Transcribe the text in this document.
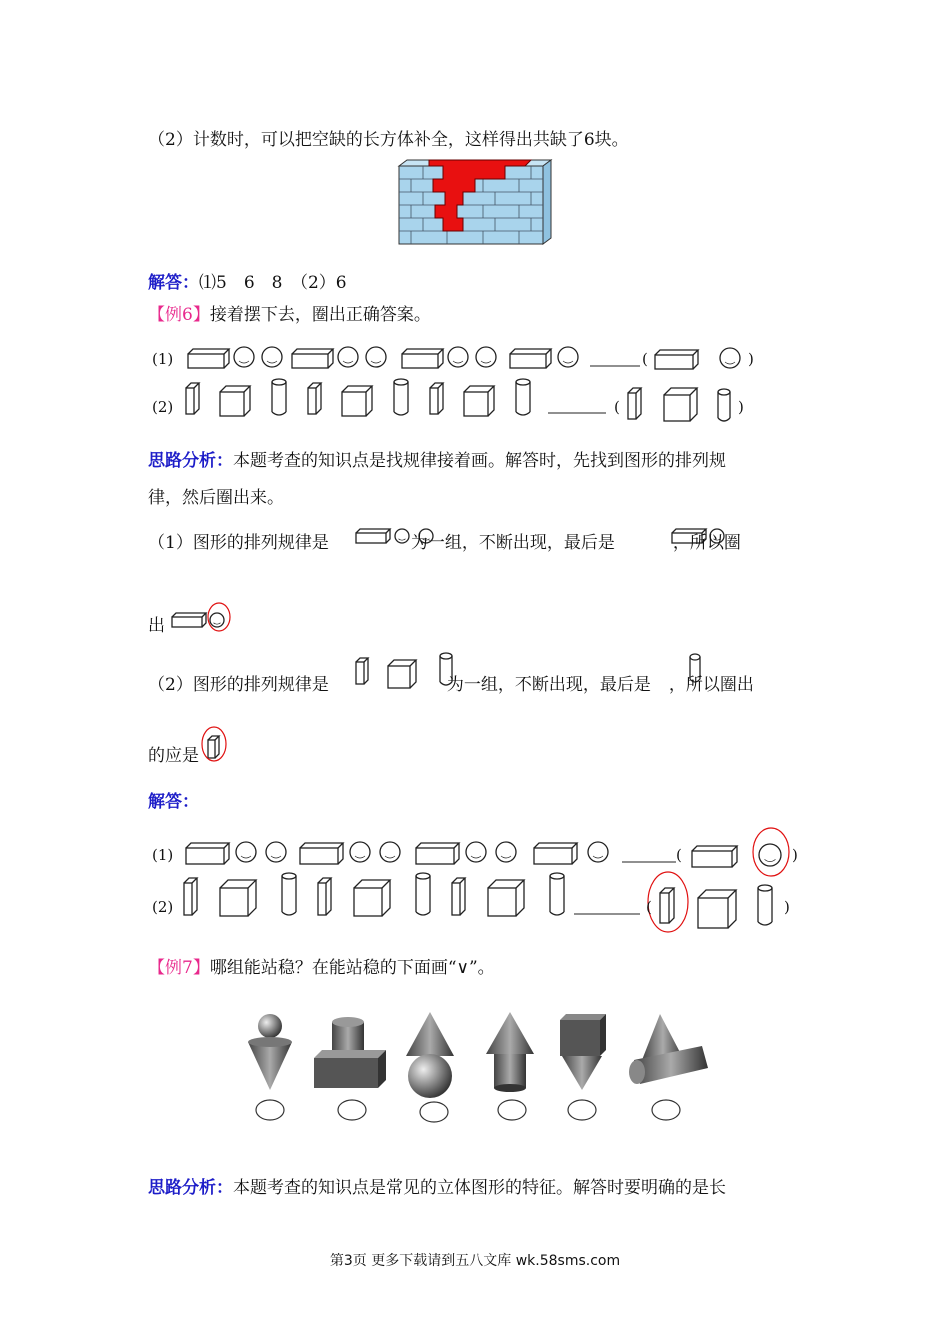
（2）计数时，可以把空缺的长方体补全，这样得出共缺了6块。
解答：⑴5　6　8　（2）6
【例6】接着摆下去，圈出正确答案。
(1)
(2)
(	)
(	)
思路分析：本题考查的知识点是找规律接着画。解答时，先找到图形的排列规
律，然后圈出来。
（1）图形的排列规律是	为一组，不断出现，最后是	，所以圈
出
（2）图形的排列规律是	为一组，不断出现，最后是 ，所以圈出
的应是
解答：
(1)
(2)
(	)
(	)
【例7】哪组能站稳？在能站稳的下面画“∨”。
思路分析：本题考查的知识点是常见的立体图形的特征。解答时要明确的是长
第3页 更多下载请到五八文库 wk.58sms.com
